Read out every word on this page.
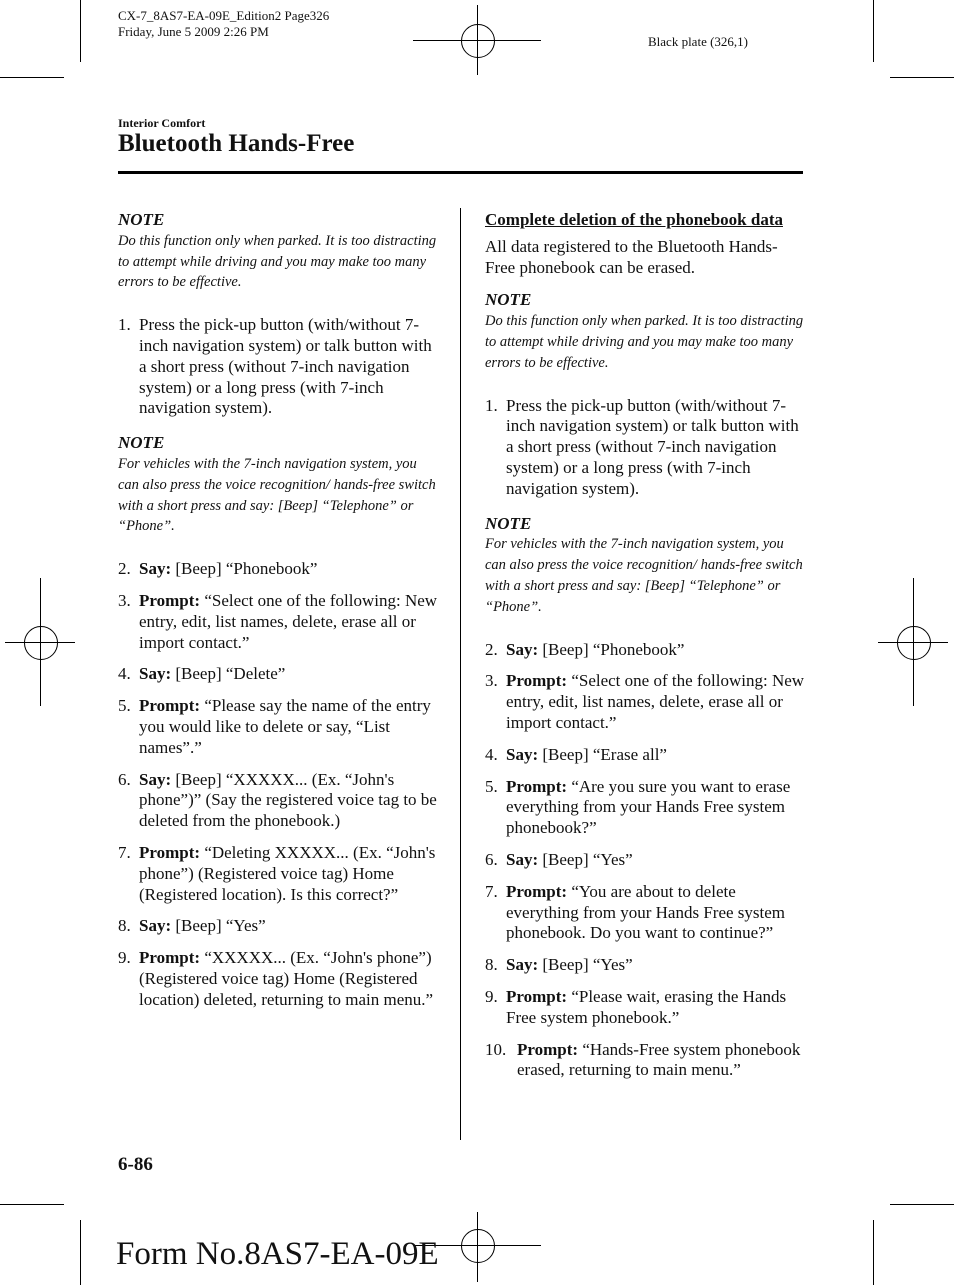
CX-7_8AS7-EA-09E_Edition2 Page326
Friday, June 5 2009 2:26 PM
Black plate (326,1)
Interior Comfort
Bluetooth Hands-Free

NOTE

Do this function only when parked. It is too distracting to attempt while driving and you may make too many errors to be effective.

1. Press the pick-up button (with/without 7-inch navigation system) or talk button with a short press (without 7-inch navigation system) or a long press (with 7-inch navigation system).

NOTE

For vehicles with the 7-inch navigation system, you can also press the voice recognition/ hands-free switch with a short press and say: [Beep] “Telephone” or “Phone”.

2. Say: [Beep] “Phonebook”
3. Prompt: “Select one of the following: New entry, edit, list names, delete, erase all or import contact.”
4. Say: [Beep] “Delete”
5. Prompt: “Please say the name of the entry you would like to delete or say, “List names”.”
6. Say: [Beep] “XXXXX... (Ex. “John's phone”)” (Say the registered voice tag to be deleted from the phonebook.)
7. Prompt: “Deleting XXXXX... (Ex. “John's phone”) (Registered voice tag) Home (Registered location). Is this correct?”
8. Say: [Beep] “Yes”
9. Prompt: “XXXXX... (Ex. “John's phone”) (Registered voice tag) Home (Registered location) deleted, returning to main menu.”

Complete deletion of the phonebook data

All data registered to the Bluetooth Hands-Free phonebook can be erased.

NOTE

Do this function only when parked. It is too distracting to attempt while driving and you may make too many errors to be effective.

1. Press the pick-up button (with/without 7-inch navigation system) or talk button with a short press (without 7-inch navigation system) or a long press (with 7-inch navigation system).

NOTE

For vehicles with the 7-inch navigation system, you can also press the voice recognition/ hands-free switch with a short press and say: [Beep] “Telephone” or “Phone”.

2. Say: [Beep] “Phonebook”
3. Prompt: “Select one of the following: New entry, edit, list names, delete, erase all or import contact.”
4. Say: [Beep] “Erase all”
5. Prompt: “Are you sure you want to erase everything from your Hands Free system phonebook?”
6. Say: [Beep] “Yes”
7. Prompt: “You are about to delete everything from your Hands Free system phonebook. Do you want to continue?”
8. Say: [Beep] “Yes”
9. Prompt: “Please wait, erasing the Hands Free system phonebook.”
10. Prompt: “Hands-Free system phonebook erased, returning to main menu.”
6-86
Form No.8AS7-EA-09E
